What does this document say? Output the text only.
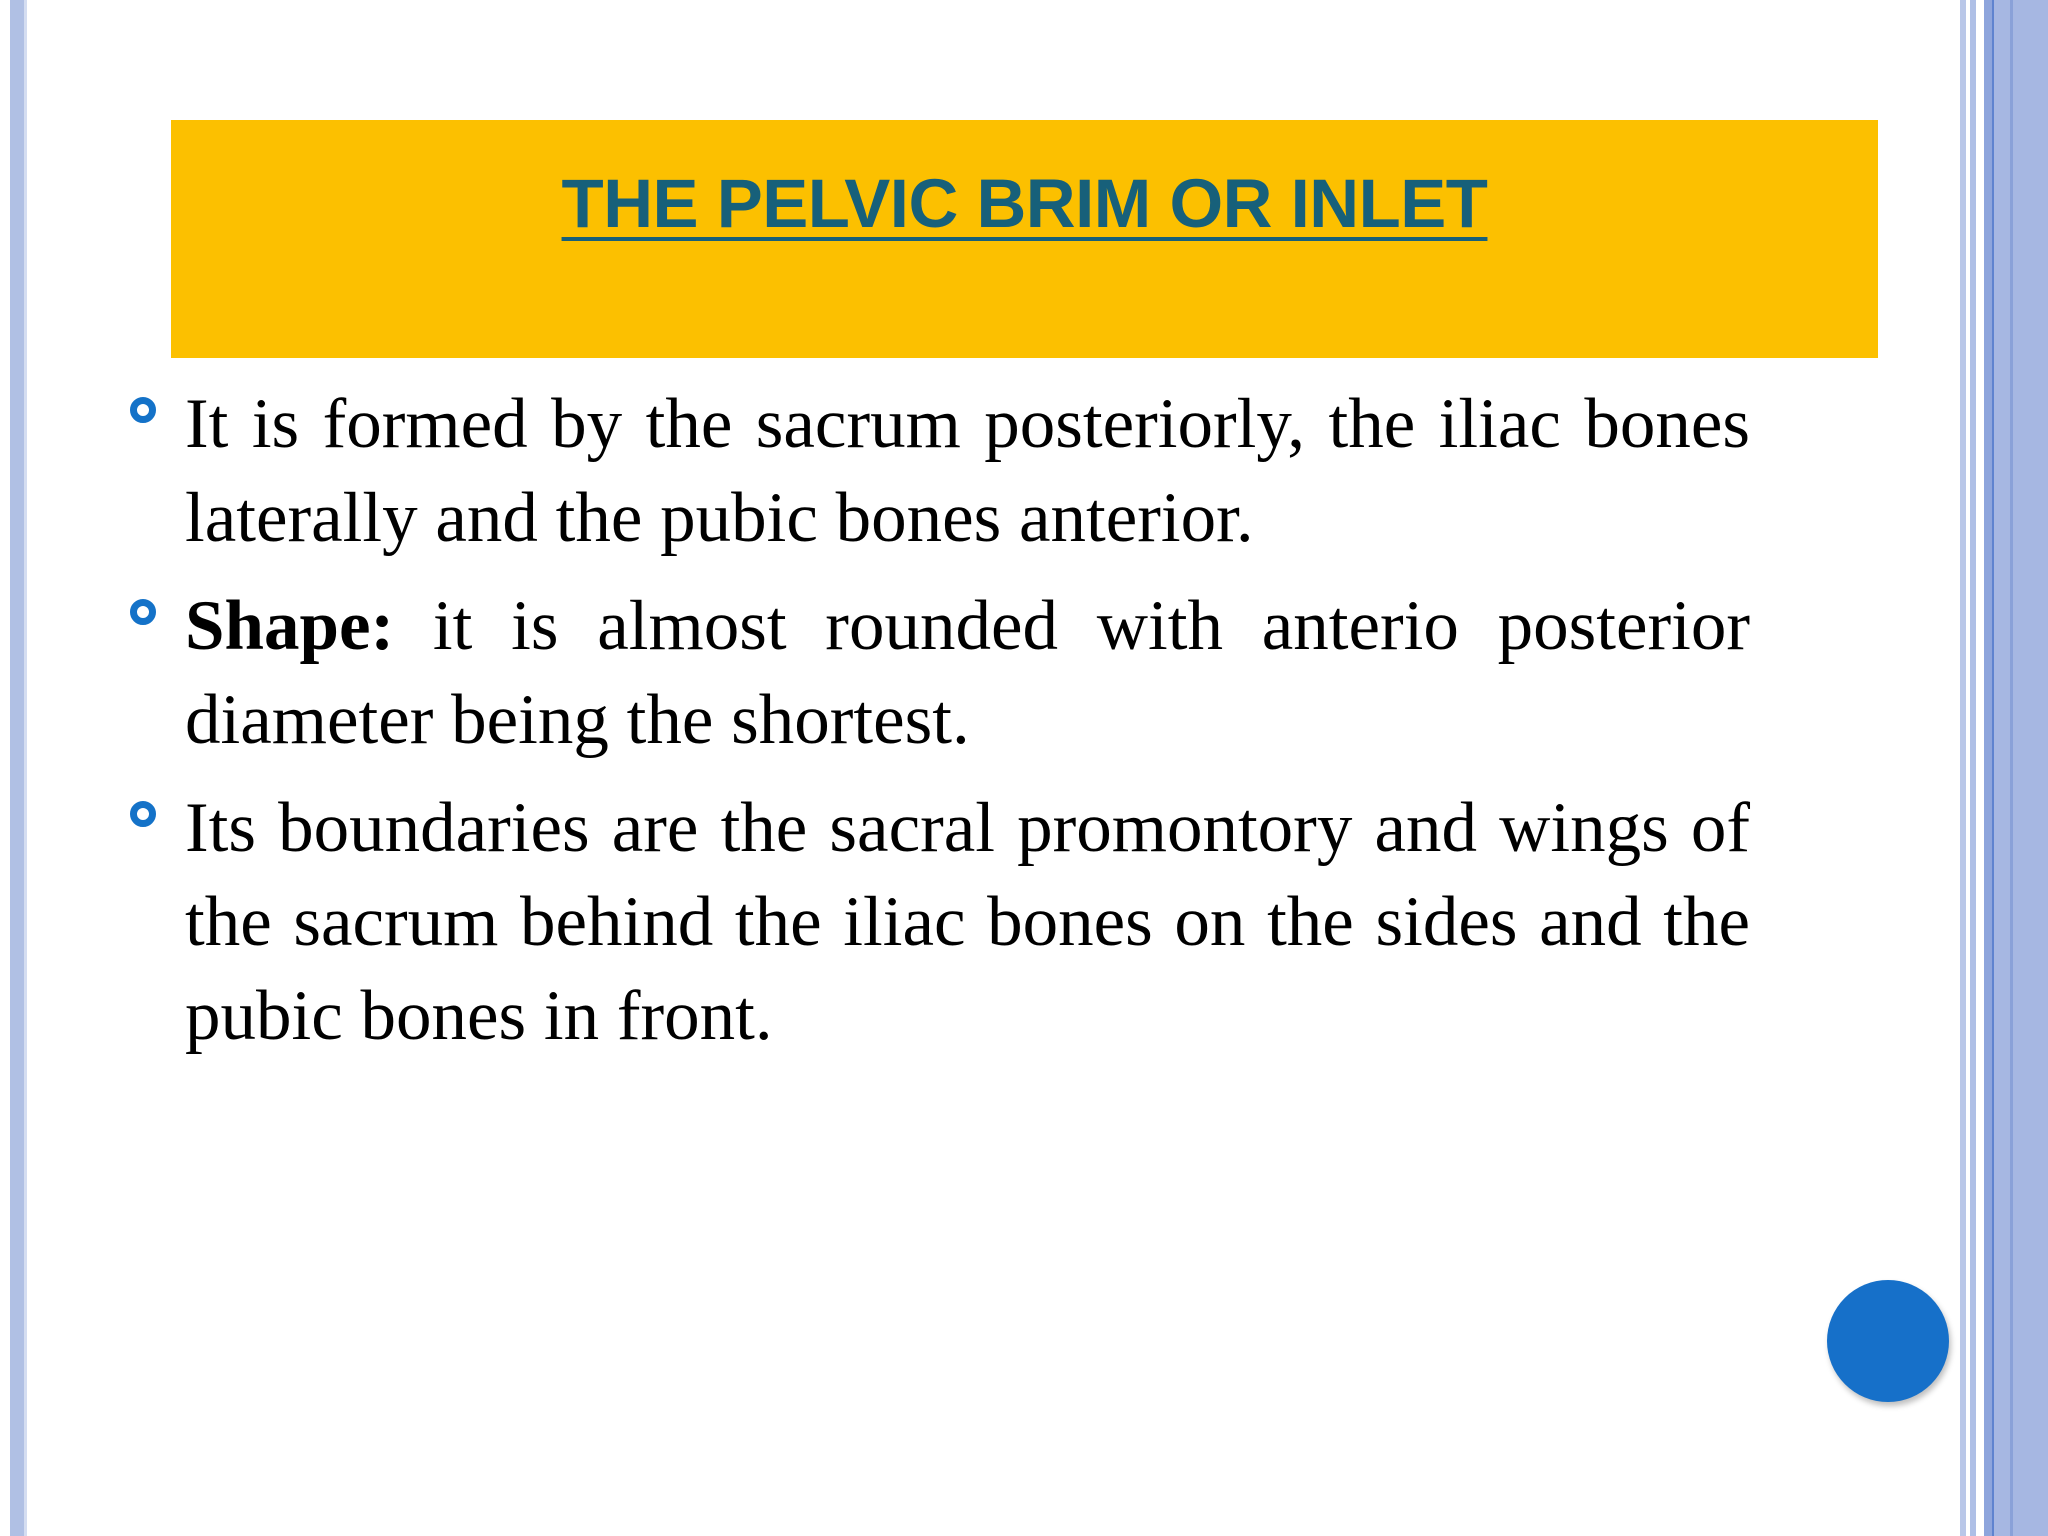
THE PELVIC BRIM OR INLET

It is formed by the sacrum posteriorly, the iliac bones laterally and the pubic bones anterior.

Shape: it is almost rounded with anterio posterior diameter being the shortest.

Its boundaries are the sacral promontory and wings of the sacrum behind the iliac bones on the sides and the pubic bones in front.
